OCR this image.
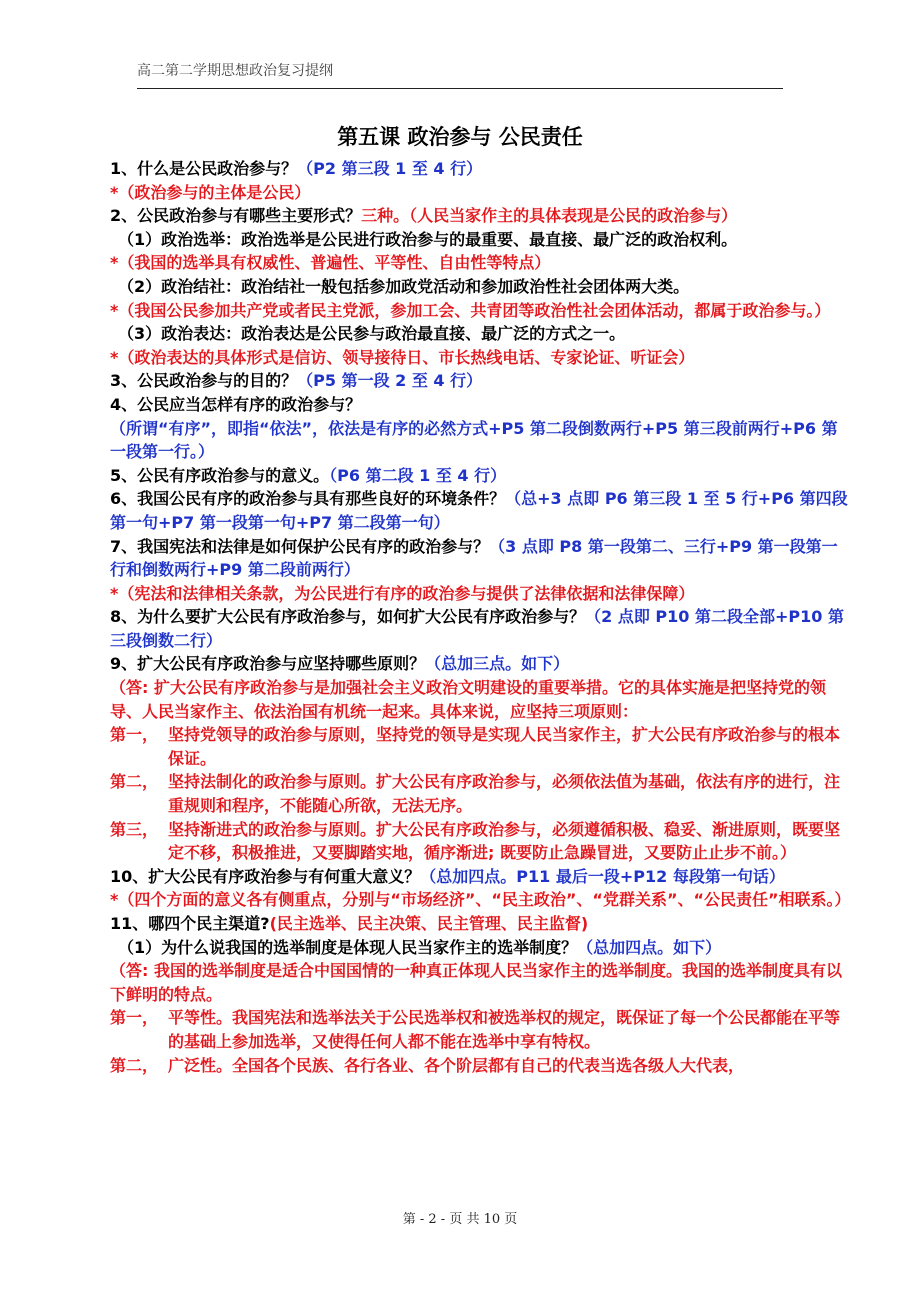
高二第二学期思想政治复习提纲
第五课 政治参与 公民责任
1、什么是公民政治参与？（P2 第三段 1 至 4 行）
*（政治参与的主体是公民）
2、公民政治参与有哪些主要形式？三种。（人民当家作主的具体表现是公民的政治参与）
（1）政治选举：政治选举是公民进行政治参与的最重要、最直接、最广泛的政治权利。
*（我国的选举具有权威性、普遍性、平等性、自由性等特点）
（2）政治结社：政治结社一般包括参加政党活动和参加政治性社会团体两大类。
*（我国公民参加共产党或者民主党派，参加工会、共青团等政治性社会团体活动，都属于政治参与。）
（3）政治表达：政治表达是公民参与政治最直接、最广泛的方式之一。
*（政治表达的具体形式是信访、领导接待日、市长热线电话、专家论证、听证会）
3、公民政治参与的目的？（P5 第一段 2 至 4 行）
4、公民应当怎样有序的政治参与？
（所谓“有序”，即指“依法”，依法是有序的必然方式+P5 第二段倒数两行+P5 第三段前两行+P6 第一段第一行。）
5、公民有序政治参与的意义。（P6 第二段 1 至 4 行）
6、我国公民有序的政治参与具有那些良好的环境条件？（总+3 点即 P6 第三段 1 至 5 行+P6 第四段第一句+P7 第一段第一句+P7 第二段第一句）
7、我国宪法和法律是如何保护公民有序的政治参与？（3 点即 P8 第一段第二、三行+P9 第一段第一行和倒数两行+P9 第二段前两行）
*（宪法和法律相关条款，为公民进行有序的政治参与提供了法律依据和法律保障）
8、为什么要扩大公民有序政治参与，如何扩大公民有序政治参与？（2 点即 P10 第二段全部+P10 第三段倒数二行）
9、扩大公民有序政治参与应坚持哪些原则？（总加三点。如下）
（答: 扩大公民有序政治参与是加强社会主义政治文明建设的重要举措。它的具体实施是把坚持党的领导、人民当家作主、依法治国有机统一起来。具体来说，应坚持三项原则：
第一， 坚持党领导的政治参与原则，坚持党的领导是实现人民当家作主，扩大公民有序政治参与的根本保证。
第二， 坚持法制化的政治参与原则。扩大公民有序政治参与，必须依法值为基础，依法有序的进行，注重规则和程序，不能随心所欲，无法无序。
第三， 坚持渐进式的政治参与原则。扩大公民有序政治参与，必须遵循积极、稳妥、渐进原则，既要坚定不移，积极推进，又要脚踏实地，循序渐进; 既要防止急躁冒进，又要防止止步不前。）
10、扩大公民有序政治参与有何重大意义？（总加四点。P11 最后一段+P12 每段第一句话）
*（四个方面的意义各有侧重点，分别与“市场经济”、“民主政治”、“党群关系”、“公民责任”相联系。）
11、哪四个民主渠道?(民主选举、民主决策、民主管理、民主监督)
（1）为什么说我国的选举制度是体现人民当家作主的选举制度？（总加四点。如下）
（答: 我国的选举制度是适合中国国情的一种真正体现人民当家作主的选举制度。我国的选举制度具有以下鲜明的特点。
第一， 平等性。我国宪法和选举法关于公民选举权和被选举权的规定，既保证了每一个公民都能在平等的基础上参加选举，又使得任何人都不能在选举中享有特权。
第二， 广泛性。全国各个民族、各行各业、各个阶层都有自己的代表当选各级人大代表，
第 - 2 - 页 共 10 页
